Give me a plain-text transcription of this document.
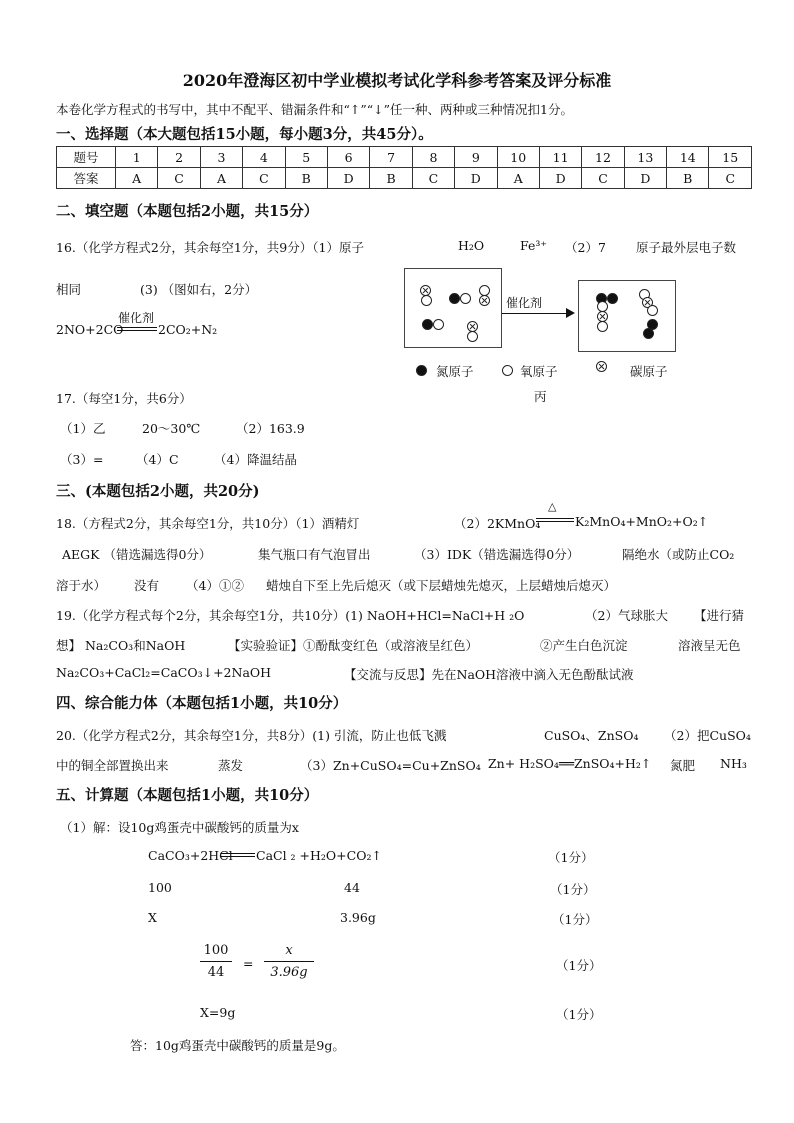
2020年澄海区初中学业模拟考试化学科参考答案及评分标准
本卷化学方程式的书写中，其中不配平、错漏条件和“↑”“↓”任一种、两种或三种情况扣1分。
一、选择题（本大题包括15小题，每小题3分，共45分）。
题号	1	2	3	4	5	6	7	8	9	10	11	12	13	14	15
答案	A	C	A	C	B	D	B	C	D	A	D	C	D	B	C
二、填空题（本题包括2小题，共15分）
16.（化学方程式2分，其余每空1分，共9分）（1）原子	H₂O	Fe³⁺ （2）7 原子最外层电子数
相同	(3) （图如右，2分）
2NO+2CO
催化剂
2CO₂+N₂
催化剂
氮原子	氧原子	碳原子
丙
17.（每空1分，共6分）
（1）乙	20～30℃	（2）163.9
（3）=	（4）C	（4）降温结晶
三、(本题包括2小题，共20分)
18.（方程式2分，其余每空1分，共10分）（1）酒精灯	（2）2KMnO₄
△
K₂MnO₄+MnO₂+O₂↑
AEGK （错选漏选得0分）	集气瓶口有气泡冒出	（3）IDK（错选漏选得0分）	隔绝水（或防止CO₂
溶于水） 没有 （4）①② 蜡烛自下至上先后熄灭（或下层蜡烛先熄灭，上层蜡烛后熄灭）
19.（化学方程式每个2分，其余每空1分，共10分）(1) NaOH+HCl=NaCl+H ₂O	（2）气球胀大 【进行猜
想】 Na₂CO₃和NaOH	【实验验证】①酚酞变红色（或溶液呈红色）	②产生白色沉淀	溶液呈无色
Na₂CO₃+CaCl₂=CaCO₃↓+2NaOH	【交流与反思】先在NaOH溶液中滴入无色酚酞试液
四、综合能力体（本题包括1小题，共10分）
20.（化学方程式2分，其余每空1分，共8分）(1) 引流，防止也低飞溅	CuSO₄、ZnSO₄ （2）把CuSO₄
中的铜全部置换出来	蒸发	（3）Zn+CuSO₄=Cu+ZnSO₄ Zn+ H₂SO₄══ZnSO₄+H₂↑ 氮肥 NH₃
五、计算题（本题包括1小题，共10分）
（1）解：设10g鸡蛋壳中碳酸钙的质量为x
CaCO₃+2HCl CaCl ₂ +H₂O+CO₂↑	（1分）
100	44	（1分）
X	3.96g	（1分）
100
44
=
x
3.96g	（1分）
X=9g	（1分）
答：10g鸡蛋壳中碳酸钙的质量是9g。
